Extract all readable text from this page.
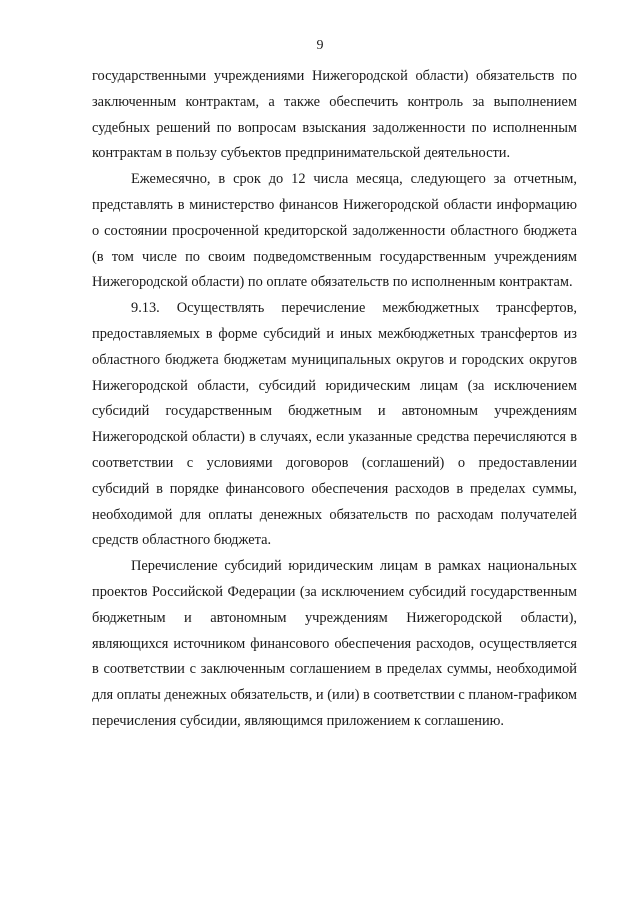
9

государственными учреждениями Нижегородской области) обязательств по заключенным контрактам, а также обеспечить контроль за выполнением судебных решений по вопросам взыскания задолженности по исполненным контрактам в пользу субъектов предпринимательской деятельности.

Ежемесячно, в срок до 12 числа месяца, следующего за отчетным, представлять в министерство финансов Нижегородской области информацию о состоянии просроченной кредиторской задолженности областного бюджета (в том числе по своим подведомственным государственным учреждениям Нижегородской области) по оплате обязательств по исполненным контрактам.

9.13. Осуществлять перечисление межбюджетных трансфертов, предоставляемых в форме субсидий и иных межбюджетных трансфертов из областного бюджета бюджетам муниципальных округов и городских округов Нижегородской области, субсидий юридическим лицам (за исключением субсидий государственным бюджетным и автономным учреждениям Нижегородской области) в случаях, если указанные средства перечисляются в соответствии с условиями договоров (соглашений) о предоставлении субсидий в порядке финансового обеспечения расходов в пределах суммы, необходимой для оплаты денежных обязательств по расходам получателей средств областного бюджета.

Перечисление субсидий юридическим лицам в рамках национальных проектов Российской Федерации (за исключением субсидий государственным бюджетным и автономным учреждениям Нижегородской области), являющихся источником финансового обеспечения расходов, осуществляется в соответствии с заключенным соглашением в пределах суммы, необходимой для оплаты денежных обязательств, и (или) в соответствии с планом-графиком перечисления субсидии, являющимся приложением к соглашению.
